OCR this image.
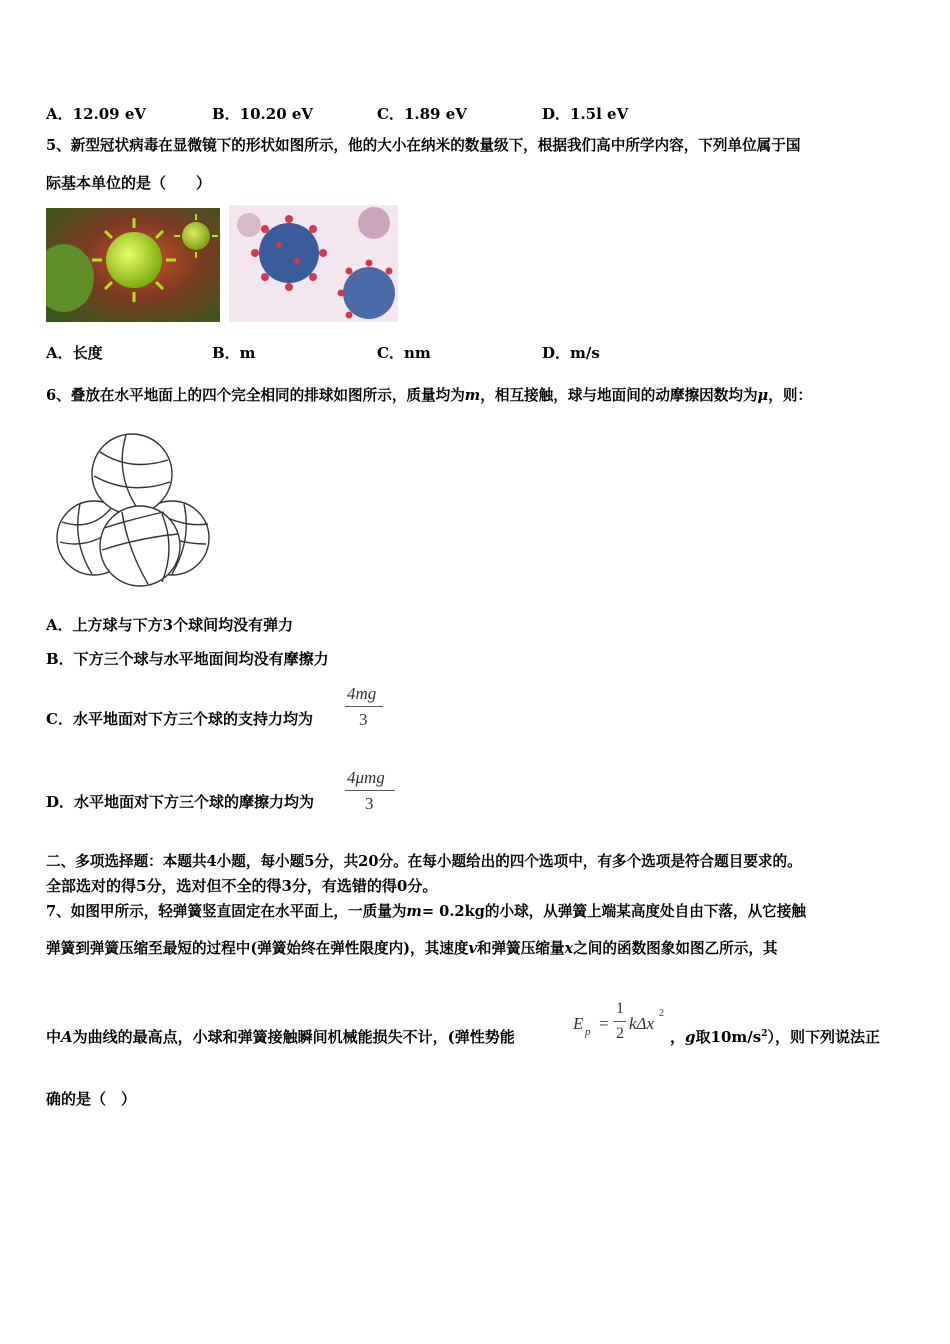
A．12.09 eV	B．10.20 eV	C．1.89 eV	D．1.5l eV
5、新型冠状病毒在显微镜下的形状如图所示，他的大小在纳米的数量级下，根据我们高中所学内容，下列单位属于国
际基本单位的是（　　）
A．长度	B．m	C．nm	D．m/s
6、叠放在水平地面上的四个完全相同的排球如图所示，质量均为m，相互接触，球与地面间的动摩擦因数均为μ，则：
A．上方球与下方3个球间均没有弹力
B．下方三个球与水平地面间均没有摩擦力
C．水平地面对下方三个球的支持力均为
4mg
3
D．水平地面对下方三个球的摩擦力均为
4μmg
3
二、多项选择题：本题共4小题，每小题5分，共20分。在每小题给出的四个选项中，有多个选项是符合题目要求的。
全部选对的得5分，选对但不全的得3分，有选错的得0分。
7、如图甲所示，轻弹簧竖直固定在水平面上，一质量为m= 0.2kg的小球，从弹簧上端某高度处自由下落，从它接触
弹簧到弹簧压缩至最短的过程中(弹簧始终在弹性限度内)，其速度v和弹簧压缩量x之间的函数图象如图乙所示，其
中A为曲线的最高点，小球和弹簧接触瞬间机械能损失不计，(弹性势能
E p =
1
2
kΔx
2
，g取$10m/s^2$），则下列说法正
确的是（　）
